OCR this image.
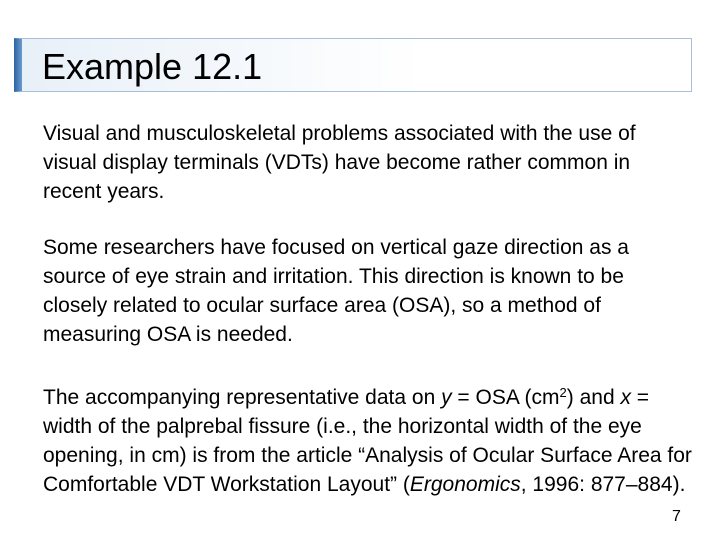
Example 12.1

Visual and musculoskeletal problems associated with the use of visual display terminals (VDTs) have become rather common in recent years.

Some researchers have focused on vertical gaze direction as a source of eye strain and irritation. This direction is known to be closely related to ocular surface area (OSA), so a method of measuring OSA is needed.

The accompanying representative data on y = OSA $(cm^2)$ and x = width of the palprebal fissure (i.e., the horizontal width of the eye opening, in cm) is from the article “Analysis of Ocular Surface Area for Comfortable VDT Workstation Layout” (Ergonomics, 1996: 877–884).

7
